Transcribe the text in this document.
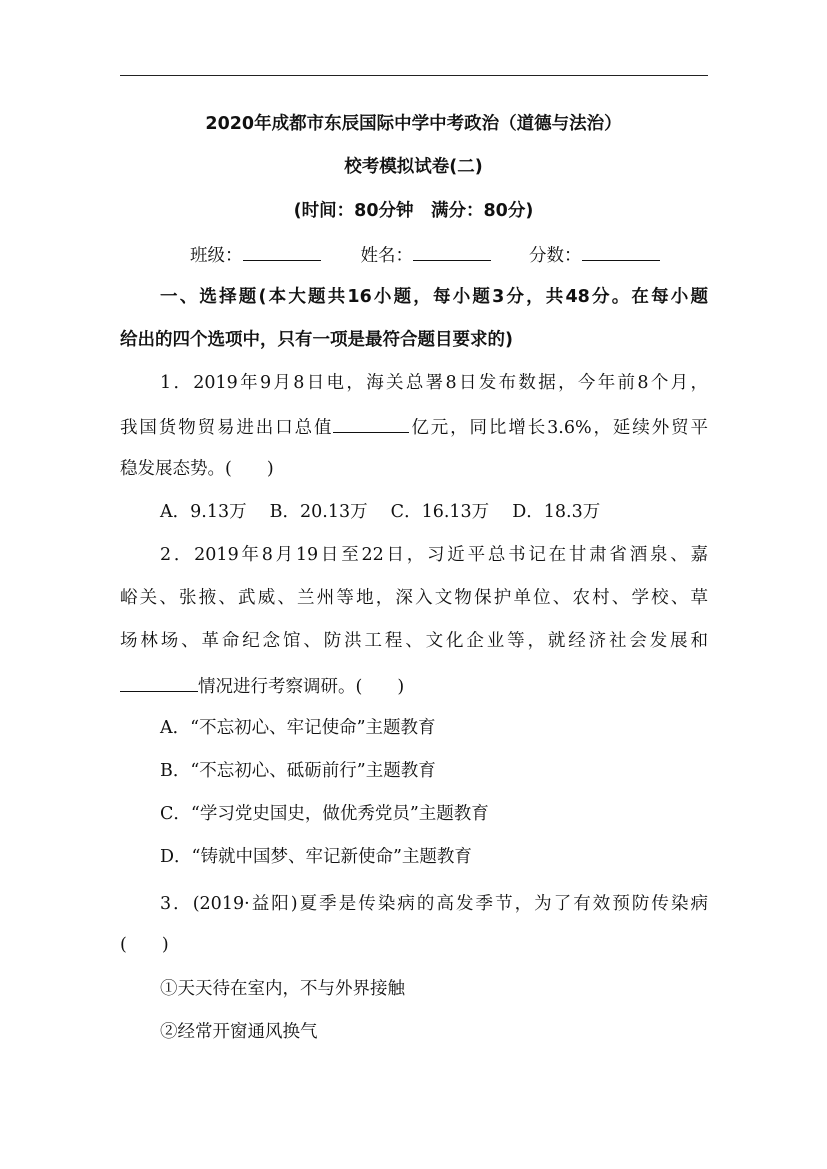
2020年成都市东辰国际中学中考政治（道德与法治）
校考模拟试卷(二)
(时间：80分钟　满分：80分)
班级：	姓名：	分数：
一、选择题(本大题共16小题，每小题3分，共48分。在每小题
给出的四个选项中，只有一项是最符合题目要求的)
1．2019年9月8日电，海关总署8日发布数据，今年前8个月，
我国货物贸易进出口总值	亿元，同比增长3.6%，延续外贸平
稳发展态势。(　　)
A．9.13万　 B．20.13万　 C．16.13万　 D．18.3万
2．2019年8月19日至22日，习近平总书记在甘肃省酒泉、嘉
峪关、张掖、武威、兰州等地，深入文物保护单位、农村、学校、草
场林场、革命纪念馆、防洪工程、文化企业等，就经济社会发展和
情况进行考察调研。(　　)
A．“不忘初心、牢记使命”主题教育
B．“不忘初心、砥砺前行”主题教育
C．“学习党史国史，做优秀党员”主题教育
D．“铸就中国梦、牢记新使命”主题教育
3．(2019·益阳)夏季是传染病的高发季节，为了有效预防传染病
(　　)
①天天待在室内，不与外界接触
②经常开窗通风换气
